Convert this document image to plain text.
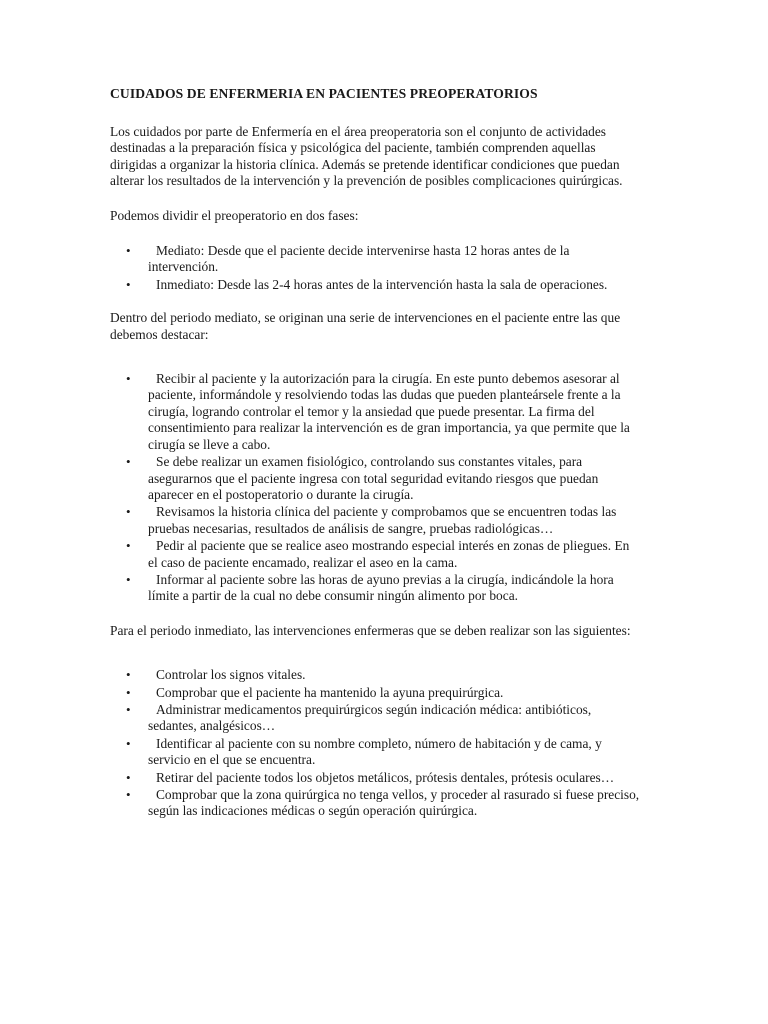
CUIDADOS DE ENFERMERIA EN PACIENTES PREOPERATORIOS

Los cuidados por parte de Enfermería en el área preoperatoria son el conjunto de actividades destinadas a la preparación física y psicológica del paciente, también comprenden aquellas dirigidas a organizar la historia clínica. Además se pretende identificar condiciones que puedan alterar los resultados de la intervención y la prevención de posibles complicaciones quirúrgicas.

Podemos dividir el preoperatorio en dos fases:

• Mediato: Desde que el paciente decide intervenirse hasta 12 horas antes de la intervención.
• Inmediato: Desde las 2-4 horas antes de la intervención hasta la sala de operaciones.

Dentro del periodo mediato, se originan una serie de intervenciones en el paciente entre las que debemos destacar:

• Recibir al paciente y la autorización para la cirugía. En este punto debemos asesorar al paciente, informándole y resolviendo todas las dudas que pueden planteársele frente a la cirugía, logrando controlar el temor y la ansiedad que puede presentar. La firma del consentimiento para realizar la intervención es de gran importancia, ya que permite que la cirugía se lleve a cabo.
• Se debe realizar un examen fisiológico, controlando sus constantes vitales, para asegurarnos que el paciente ingresa con total seguridad evitando riesgos que puedan aparecer en el postoperatorio o durante la cirugía.
• Revisamos la historia clínica del paciente y comprobamos que se encuentren todas las pruebas necesarias, resultados de análisis de sangre, pruebas radiológicas…
• Pedir al paciente que se realice aseo mostrando especial interés en zonas de pliegues. En el caso de paciente encamado, realizar el aseo en la cama.
• Informar al paciente sobre las horas de ayuno previas a la cirugía, indicándole la hora límite a partir de la cual no debe consumir ningún alimento por boca.

Para el periodo inmediato, las intervenciones enfermeras que se deben realizar son las siguientes:

• Controlar los signos vitales.
• Comprobar que el paciente ha mantenido la ayuna prequirúrgica.
• Administrar medicamentos prequirúrgicos según indicación médica: antibióticos, sedantes, analgésicos…
• Identificar al paciente con su nombre completo, número de habitación y de cama, y servicio en el que se encuentra.
• Retirar del paciente todos los objetos metálicos, prótesis dentales, prótesis oculares…
• Comprobar que la zona quirúrgica no tenga vellos, y proceder al rasurado si fuese preciso, según las indicaciones médicas o según operación quirúrgica.
